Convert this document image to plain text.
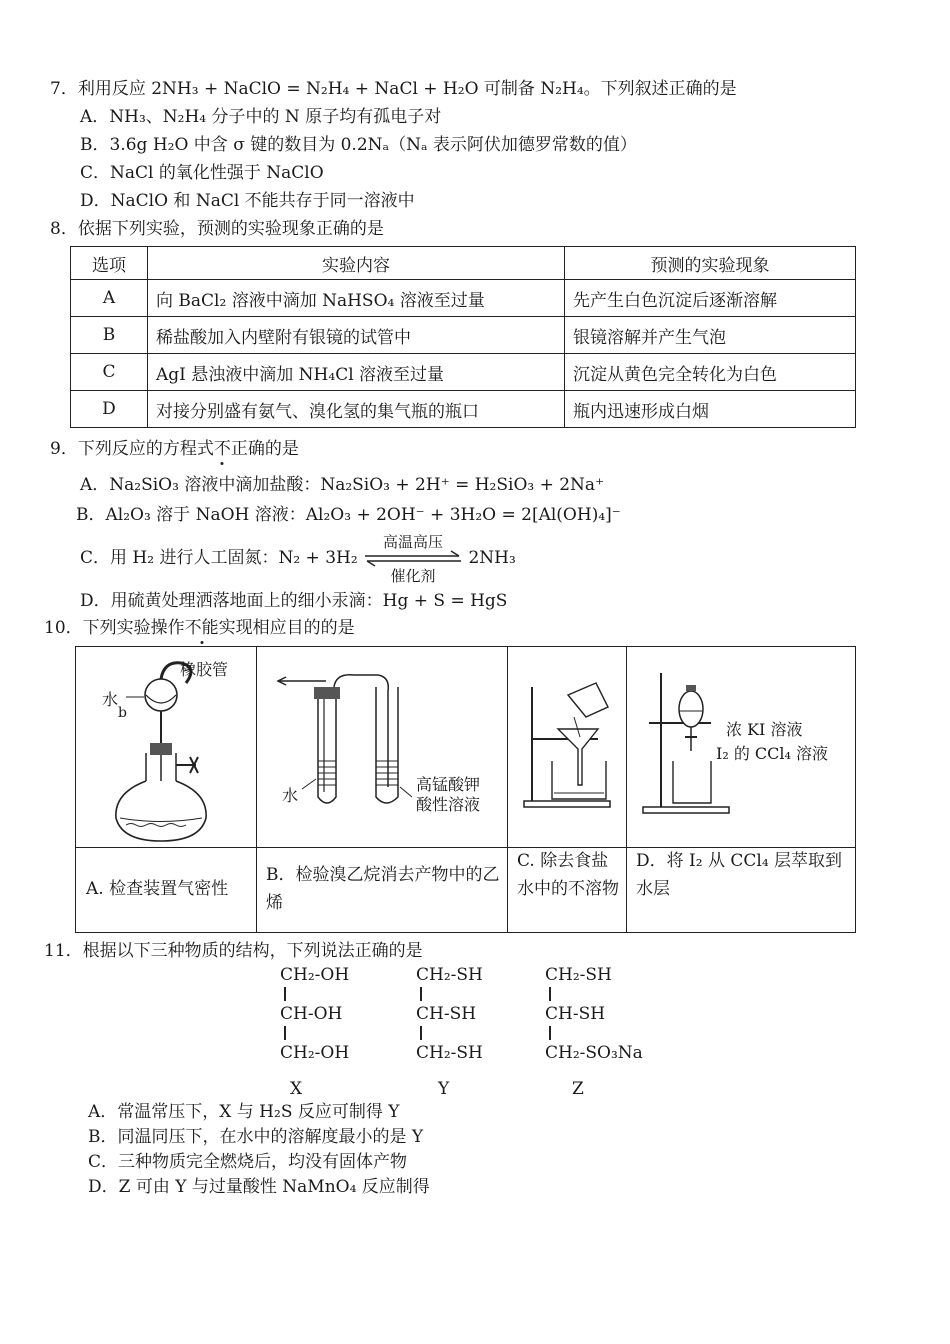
7．利用反应 2NH₃ + NaClO = N₂H₄ + NaCl + H₂O 可制备 N₂H₄。下列叙述正确的是
A．NH₃、N₂H₄ 分子中的 N 原子均有孤电子对
B．3.6g H₂O 中含 σ 键的数目为 0.2Nₐ（Nₐ 表示阿伏加德罗常数的值）
C．NaCl 的氧化性强于 NaClO
D．NaClO 和 NaCl 不能共存于同一溶液中
8．依据下列实验，预测的实验现象正确的是
选项	实验内容	预测的实验现象
A	向 BaCl₂ 溶液中滴加 NaHSO₄ 溶液至过量	先产生白色沉淀后逐渐溶解
B	稀盐酸加入内壁附有银镜的试管中	银镜溶解并产生气泡
C	AgI 悬浊液中滴加 NH₄Cl 溶液至过量	沉淀从黄色完全转化为白色
D	对接分别盛有氨气、溴化氢的集气瓶的瓶口	瓶内迅速形成白烟
9．下列反应的方程式不正确的是
A．Na₂SiO₃ 溶液中滴加盐酸：Na₂SiO₃ + 2H⁺ = H₂SiO₃ + 2Na⁺
B．Al₂O₃ 溶于 NaOH 溶液：Al₂O₃ + 2OH⁻ + 3H₂O = 2[Al(OH)₄]⁻
C．用 H₂ 进行人工固氮：N₂ + 3H₂
高温高压
催化剂
2NH₃
D．用硫黄处理洒落地面上的细小汞滴：Hg + S = HgS
10．下列实验操作不能实现相应目的的是
橡胶管
水
b
水
高锰酸钾
酸性溶液
浓 KI 溶液
I₂ 的 CCl₄ 溶液
A. 检查装置气密性
B．检验溴乙烷消去产物中的乙烯
C. 除去食盐水中的不溶物
D．将 I₂ 从 CCl₄ 层萃取到水层
11．根据以下三种物质的结构，下列说法正确的是
CH₂-OH
CH-OH
CH₂-OH
CH₂-SH
CH-SH
CH₂-SH
CH₂-SH
CH-SH
CH₂-SO₃Na
X	Y	Z
A．常温常压下，X 与 H₂S 反应可制得 Y
B．同温同压下，在水中的溶解度最小的是 Y
C．三种物质完全燃烧后，均没有固体产物
D．Z 可由 Y 与过量酸性 NaMnO₄ 反应制得
